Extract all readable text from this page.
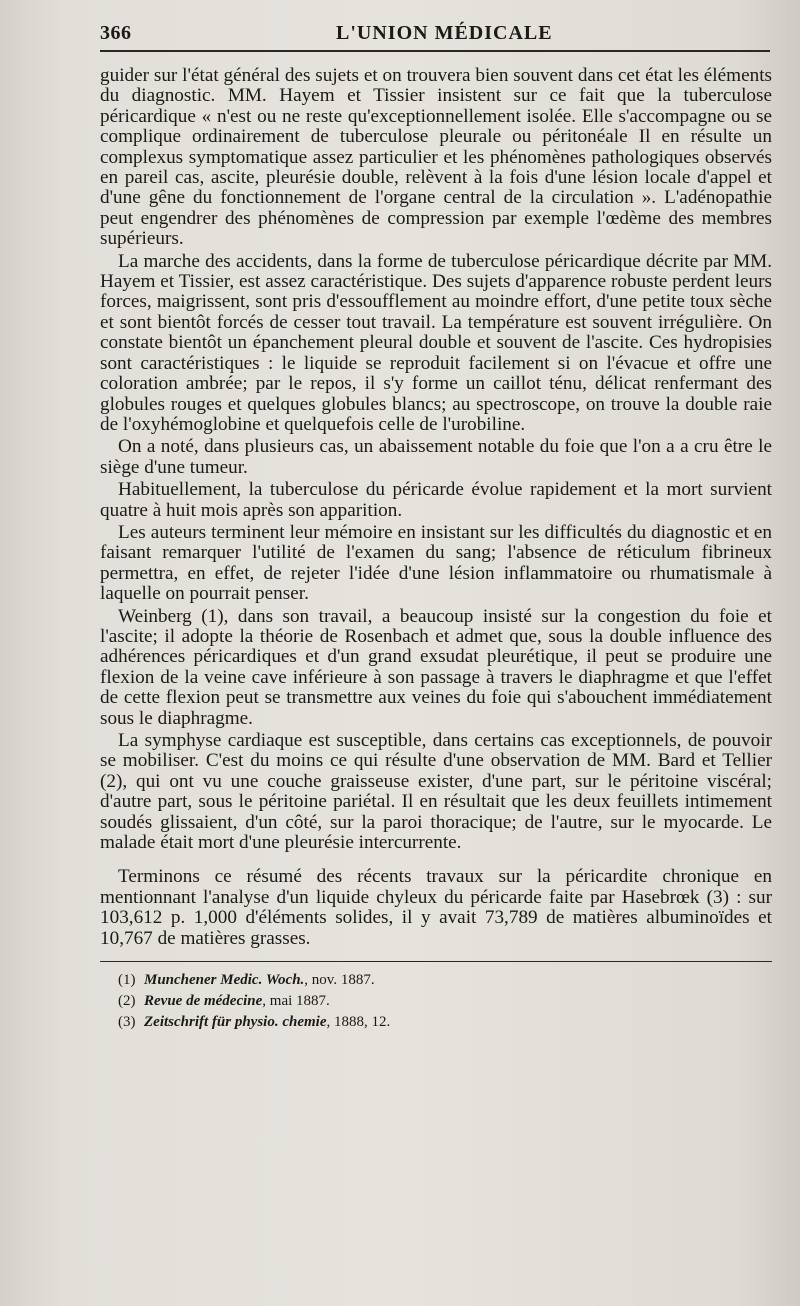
366	L'UNION MÉDICALE

guider sur l'état général des sujets et on trouvera bien souvent dans cet état les éléments du diagnostic. MM. Hayem et Tissier insistent sur ce fait que la tuberculose péricardique « n'est ou ne reste qu'exceptionnellement isolée. Elle s'accompagne ou se complique ordinairement de tuberculose pleurale ou péritonéale Il en résulte un complexus symptomatique assez particulier et les phénomènes pathologiques observés en pareil cas, ascite, pleurésie double, relèvent à la fois d'une lésion locale d'appel et d'une gêne du fonctionnement de l'organe central de la circulation ». L'adénopathie peut engendrer des phénomènes de compression par exemple l'œdème des membres supérieurs.

La marche des accidents, dans la forme de tuberculose péricardique décrite par MM. Hayem et Tissier, est assez caractéristique. Des sujets d'apparence robuste perdent leurs forces, maigrissent, sont pris d'essoufflement au moindre effort, d'une petite toux sèche et sont bientôt forcés de cesser tout travail. La température est souvent irrégulière. On constate bientôt un épanchement pleural double et souvent de l'ascite. Ces hydropisies sont caractéristiques : le liquide se reproduit facilement si on l'évacue et offre une coloration ambrée; par le repos, il s'y forme un caillot ténu, délicat renfermant des globules rouges et quelques globules blancs; au spectroscope, on trouve la double raie de l'oxyhémoglobine et quelquefois celle de l'urobiline.

On a noté, dans plusieurs cas, un abaissement notable du foie que l'on a a cru être le siège d'une tumeur.

Habituellement, la tuberculose du péricarde évolue rapidement et la mort survient quatre à huit mois après son apparition.

Les auteurs terminent leur mémoire en insistant sur les difficultés du diagnostic et en faisant remarquer l'utilité de l'examen du sang; l'absence de réticulum fibrineux permettra, en effet, de rejeter l'idée d'une lésion inflammatoire ou rhumatismale à laquelle on pourrait penser.

Weinberg (1), dans son travail, a beaucoup insisté sur la congestion du foie et l'ascite; il adopte la théorie de Rosenbach et admet que, sous la double influence des adhérences péricardiques et d'un grand exsudat pleurétique, il peut se produire une flexion de la veine cave inférieure à son passage à travers le diaphragme et que l'effet de cette flexion peut se transmettre aux veines du foie qui s'abouchent immédiatement sous le diaphragme.

La symphyse cardiaque est susceptible, dans certains cas exceptionnels, de pouvoir se mobiliser. C'est du moins ce qui résulte d'une observation de MM. Bard et Tellier (2), qui ont vu une couche graisseuse exister, d'une part, sur le péritoine viscéral; d'autre part, sous le péritoine pariétal. Il en résultait que les deux feuillets intimement soudés glissaient, d'un côté, sur la paroi thoracique; de l'autre, sur le myocarde. Le malade était mort d'une pleurésie intercurrente.

Terminons ce résumé des récents travaux sur la péricardite chronique en mentionnant l'analyse d'un liquide chyleux du péricarde faite par Hasebrœk (3) : sur 103,612 p. 1,000 d'éléments solides, il y avait 73,789 de matières albuminoïdes et 10,767 de matières grasses.

(1) Munchener Medic. Woch., nov. 1887.
(2) Revue de médecine, mai 1887.
(3) Zeitschrift für physio. chemie, 1888, 12.
